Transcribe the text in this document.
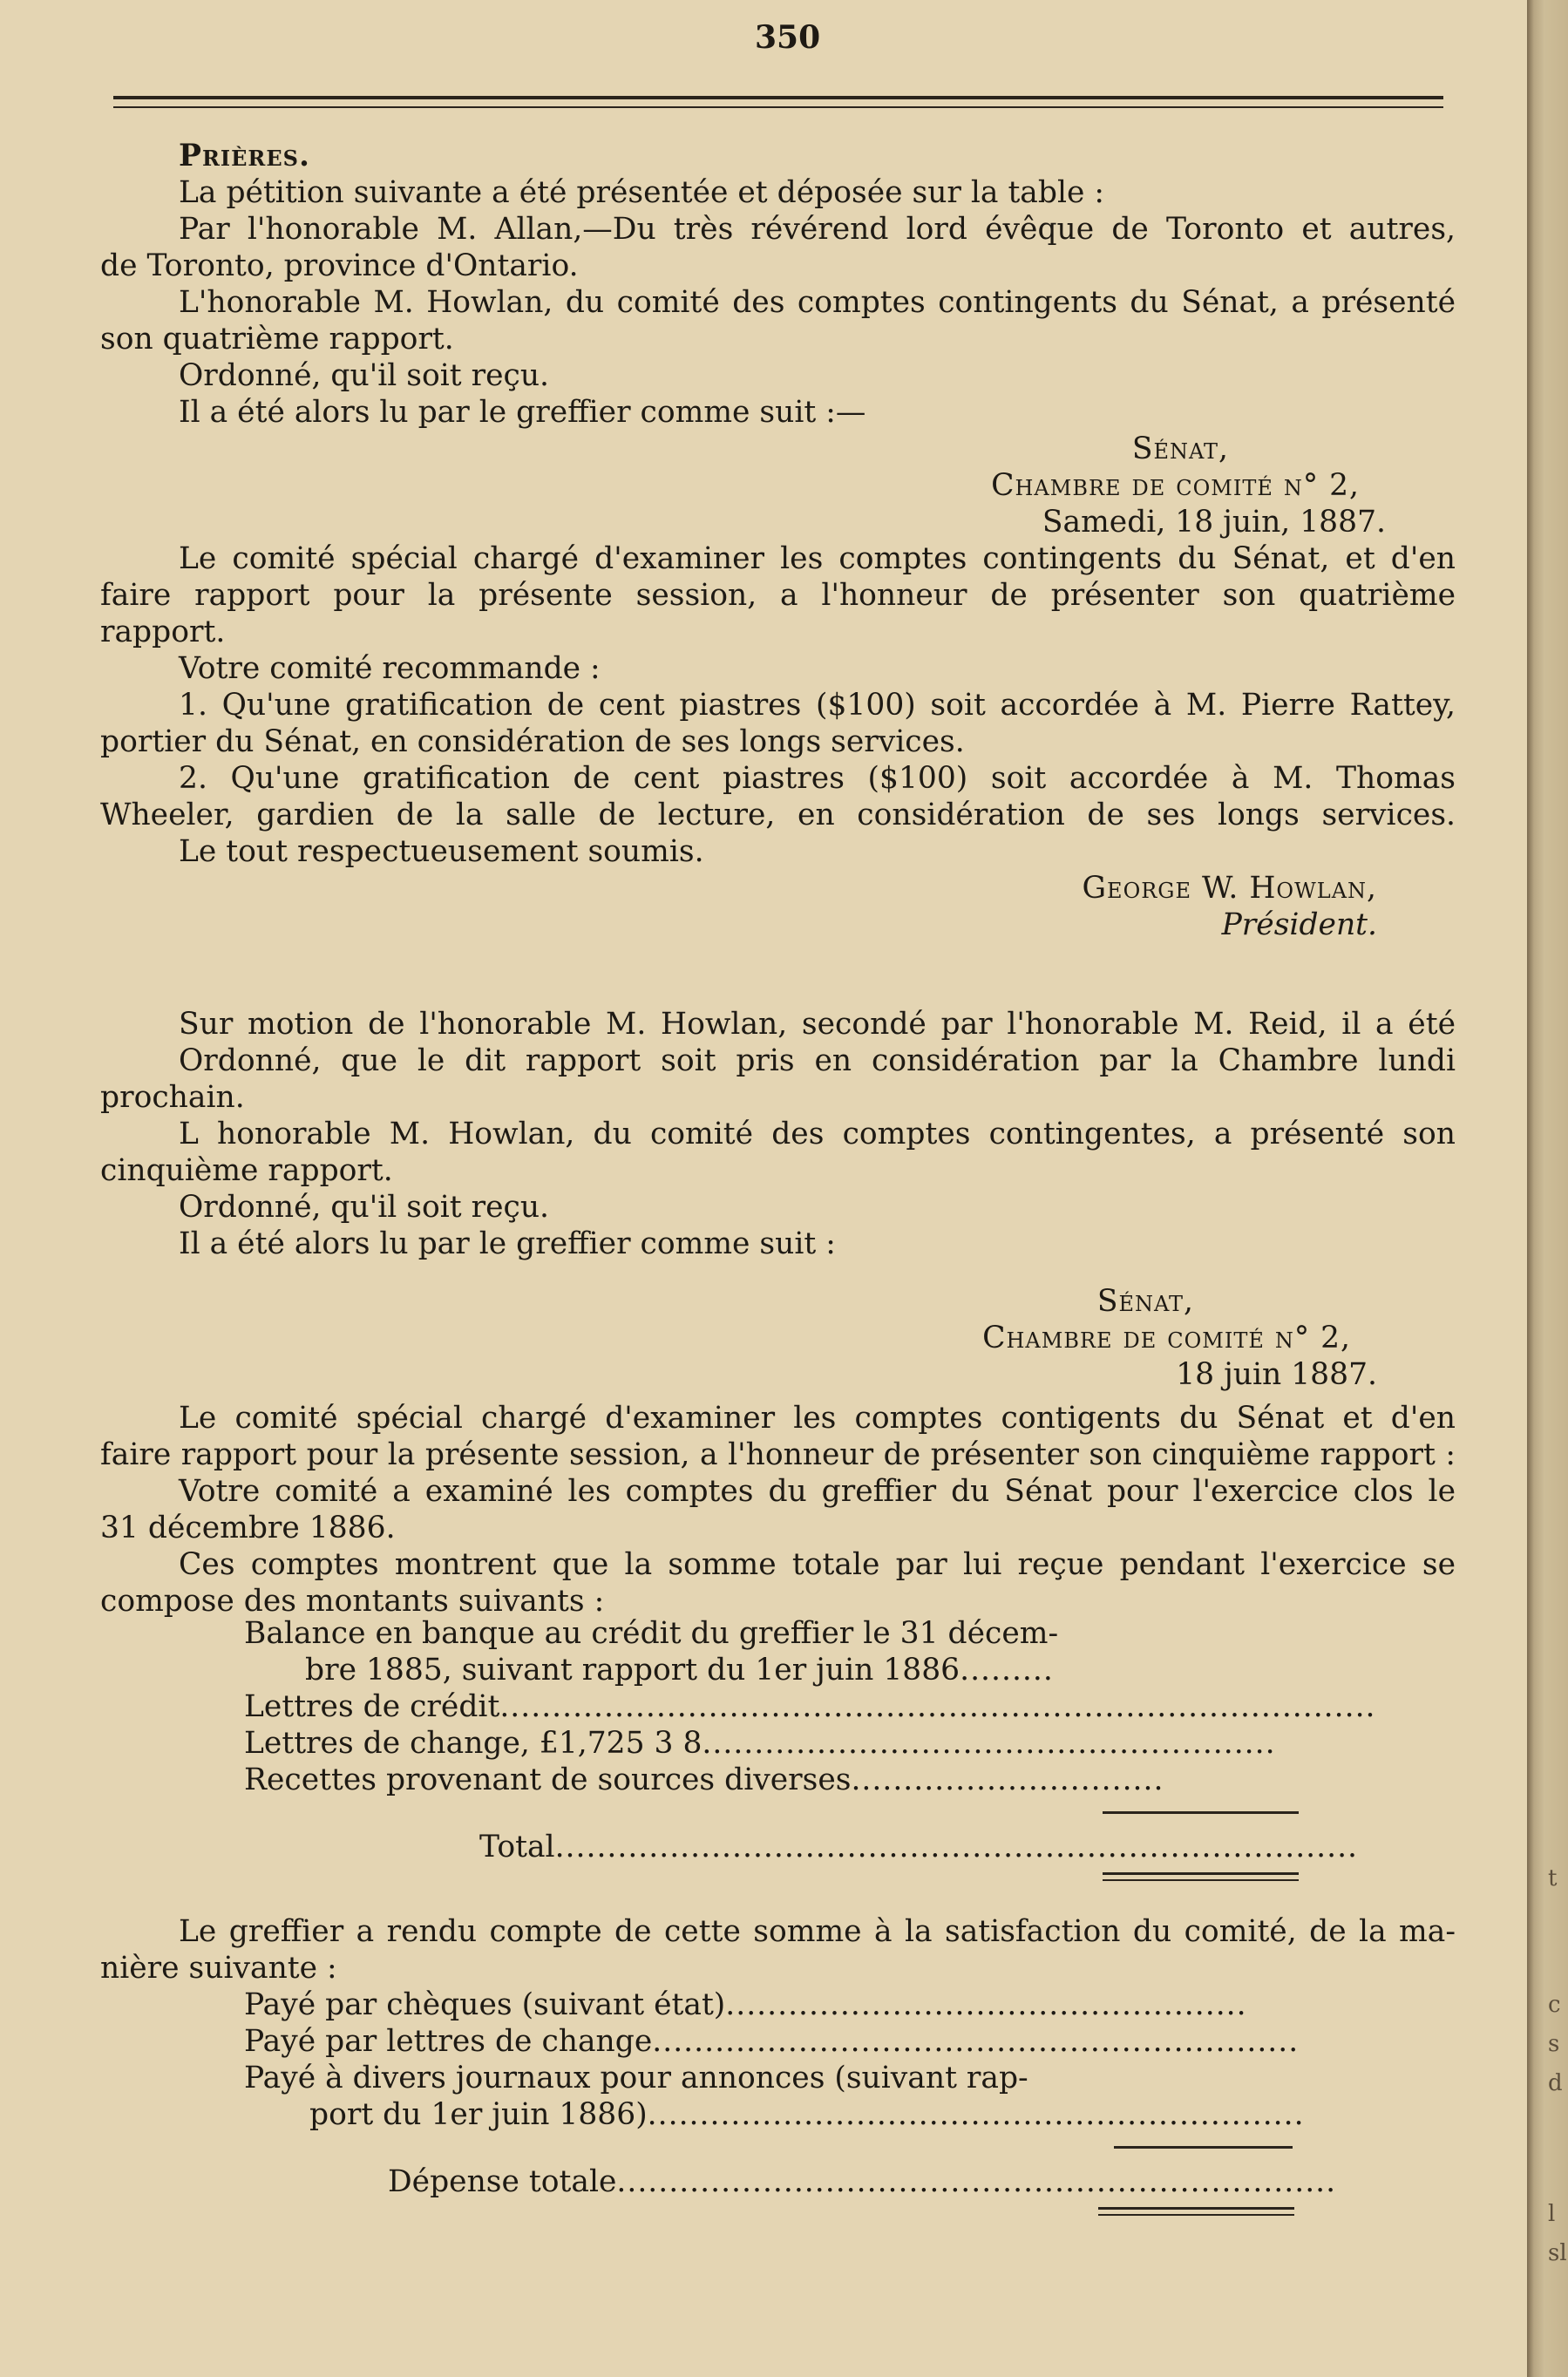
t
c
s
d
l
sl
350

Prières.

La pétition suivante a été présentée et déposée sur la table :

Par l'honorable M. Allan,—Du très révérend lord évêque de Toronto et autres,

de Toronto, province d'Ontario.

L'honorable M. Howlan, du comité des comptes contingents du Sénat, a présenté

son quatrième rapport.

Ordonné, qu'il soit reçu.

Il a été alors lu par le greffier comme suit :—

Sénat,

Chambre de comité n° 2,

Samedi, 18 juin, 1887.

Le comité spécial chargé d'examiner les comptes contingents du Sénat, et d'en

faire rapport pour la présente session, a l'honneur de présenter son quatrième

rapport.

Votre comité recommande :

1. Qu'une gratification de cent piastres ($100) soit accordée à M. Pierre Rattey,

portier du Sénat, en considération de ses longs services.

2. Qu'une gratification de cent piastres ($100) soit accordée à M. Thomas

Wheeler, gardien de la salle de lecture, en considération de ses longs services.

Le tout respectueusement soumis.

George W. Howlan,

Président.

Sur motion de l'honorable M. Howlan, secondé par l'honorable M. Reid, il a été

Ordonné, que le dit rapport soit pris en considération par la Chambre lundi

prochain.

L honorable M. Howlan, du comité des comptes contingentes, a présenté son

cinquième rapport.

Ordonné, qu'il soit reçu.

Il a été alors lu par le greffier comme suit :

Sénat,

Chambre de comité n° 2,

18 juin 1887.

Le comité spécial chargé d'examiner les comptes contigents du Sénat et d'en

faire rapport pour la présente session, a l'honneur de présenter son cinquième rapport :

Votre comité a examiné les comptes du greffier du Sénat pour l'exercice clos le

31 décembre 1886.

Ces comptes montrent que la somme totale par lui reçue pendant l'exercice se

compose des montants suivants :

Balance en banque au crédit du greffier le 31 décem-
bre 1885, suivant rapport du 1er juin 1886.........
Lettres de crédit....................................................................................
Lettres de change, £1,725 3 8.......................................................
Recettes provenant de sources diverses..............................
Total.............................................................................

Le greffier a rendu compte de cette somme à la satisfaction du comité, de la ma-

nière suivante :

Payé par chèques (suivant état)..................................................
Payé par lettres de change..............................................................
Payé à divers journaux pour annonces (suivant rap-
port du 1er juin 1886)...............................................................
Dépense totale.....................................................................
